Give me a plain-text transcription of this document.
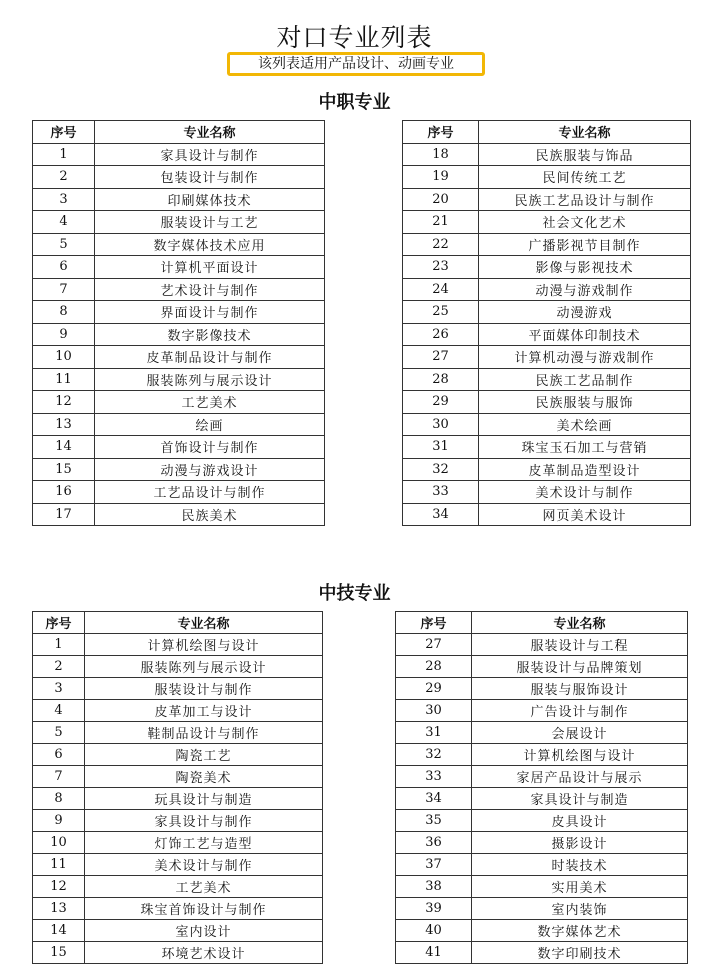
对口专业列表
该列表适用产品设计、动画专业
中职专业
序号	专业名称
1	家具设计与制作
2	包装设计与制作
3	印刷媒体技术
4	服装设计与工艺
5	数字媒体技术应用
6	计算机平面设计
7	艺术设计与制作
8	界面设计与制作
9	数字影像技术
10	皮革制品设计与制作
11	服装陈列与展示设计
12	工艺美术
13	绘画
14	首饰设计与制作
15	动漫与游戏设计
16	工艺品设计与制作
17	民族美术
序号	专业名称
18	民族服装与饰品
19	民间传统工艺
20	民族工艺品设计与制作
21	社会文化艺术
22	广播影视节目制作
23	影像与影视技术
24	动漫与游戏制作
25	动漫游戏
26	平面媒体印制技术
27	计算机动漫与游戏制作
28	民族工艺品制作
29	民族服装与服饰
30	美术绘画
31	珠宝玉石加工与营销
32	皮革制品造型设计
33	美术设计与制作
34	网页美术设计
中技专业
序号	专业名称
1	计算机绘图与设计
2	服装陈列与展示设计
3	服装设计与制作
4	皮革加工与设计
5	鞋制品设计与制作
6	陶瓷工艺
7	陶瓷美术
8	玩具设计与制造
9	家具设计与制作
10	灯饰工艺与造型
11	美术设计与制作
12	工艺美术
13	珠宝首饰设计与制作
14	室内设计
15	环境艺术设计
序号	专业名称
27	服装设计与工程
28	服装设计与品牌策划
29	服装与服饰设计
30	广告设计与制作
31	会展设计
32	计算机绘图与设计
33	家居产品设计与展示
34	家具设计与制造
35	皮具设计
36	摄影设计
37	时装技术
38	实用美术
39	室内装饰
40	数字媒体艺术
41	数字印刷技术
